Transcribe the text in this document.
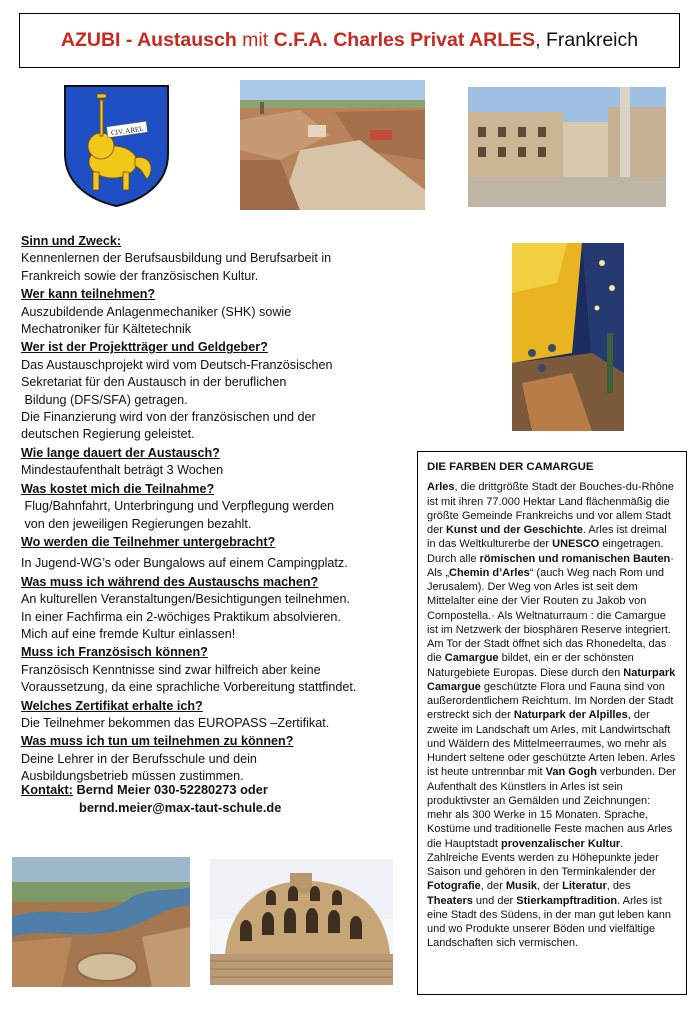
AZUBI - Austausch mit C.F.A. Charles Privat ARLES , Frankreich
CIV. AREL

Sinn und Zweck:

Kennenlernen der Berufsausbildung und Berufsarbeit in

Frankreich sowie der französischen Kultur.

Wer kann teilnehmen?

Auszubildende Anlagenmechaniker (SHK) sowie

Mechatroniker für Kältetechnik

Wer ist der Projektträger und Geldgeber?

Das Austauschprojekt wird vom Deutsch-Französischen

Sekretariat für den Austausch in der beruflichen

Bildung (DFS/SFA) getragen.

Die Finanzierung wird von der französischen und der

deutschen Regierung geleistet.

Wie lange dauert der Austausch?

Mindestaufenthalt beträgt 3 Wochen

Was kostet mich die Teilnahme?

Flug/Bahnfahrt, Unterbringung und Verpflegung werden

von den jeweiligen Regierungen bezahlt.

Wo werden die Teilnehmer untergebracht?

In Jugend-WG’s oder Bungalows auf einem Campingplatz.

Was muss ich während des Austauschs machen?

An kulturellen Veranstaltungen/Besichtigungen teilnehmen.

In einer Fachfirma ein 2-wöchiges Praktikum absolvieren.

Mich auf eine fremde Kultur einlassen!

Muss ich Französisch können?

Französisch Kenntnisse sind zwar hilfreich aber keine

Voraussetzung, da eine sprachliche Vorbereitung stattfindet.

Welches Zertifikat erhalte ich?

Die Teilnehmer bekommen das EUROPASS –Zertifikat.

Was muss ich tun um teilnehmen zu können?

Deine Lehrer in der Berufsschule und dein

Ausbildungsbetrieb müssen zustimmen.

Kontakt: Bernd Meier 030-52280273 oder
bernd.meier@max-taut-schule.de
DIE FARBEN DER CAMARGUE

Arles, die drittgrößte Stadt der Bouches-du-Rhône ist mit ihren 77.000 Hektar Land flächenmäßig die größte Gemeinde Frankreichs und vor allem Stadt der Kunst und der Geschichte. Arles ist dreimal in das Weltkulturerbe der UNESCO eingetragen. Durch alle römischen und romanischen Bauten· Als „Chemin d’Arles“ (auch Weg nach Rom und Jerusalem). Der Weg von Arles ist seit dem Mittelalter eine der Vier Routen zu Jakob von Compostella.· Als Weltnaturraum : die Camargue ist im Netzwerk der biosphären Reserve integriert. Am Tor der Stadt öffnet sich das Rhonedelta, das die Camargue bildet, ein er der schönsten Naturgebiete Europas. Diese durch den Naturpark Camargue geschützte Flora und Fauna sind von außerordentlichem Reichtum. Im Norden der Stadt erstreckt sich der Naturpark der Alpilles, der zweite im Landschaft um Arles, mit Landwirtschaft und Wäldern des Mittelmeerraumes, wo mehr als Hundert seltene oder geschützte Arten leben. Arles ist heute untrennbar mit Van Gogh verbunden. Der Aufenthalt des Künstlers in Arles ist sein produktivster an Gemälden und Zeichnungen: mehr als 300 Werke in 15 Monaten. Sprache, Kostüme und traditionelle Feste machen aus Arles die Hauptstadt provenzalischer Kultur. Zahlreiche Events werden zu Höhepunkte jeder Saison und gehören in den Terminkalender der Fotografie, der Musik, der Literatur, des Theaters und der Stierkampftradition. Arles ist eine Stadt des Südens, in der man gut leben kann und wo Produkte unserer Böden und vielfältige Landschaften sich vermischen.
